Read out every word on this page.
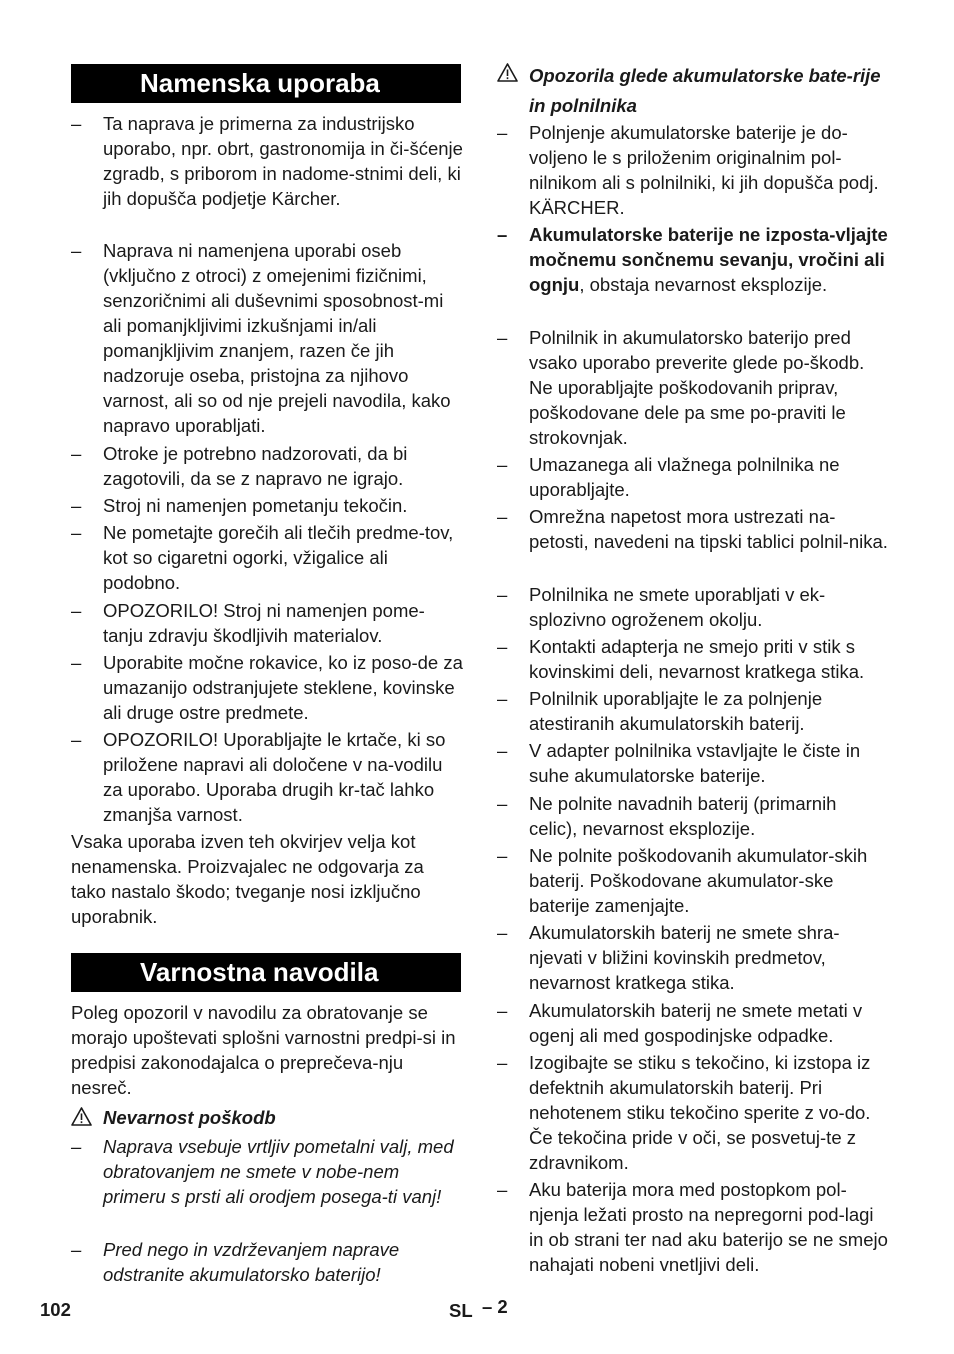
Namenska uporaba
– Ta naprava je primerna za industrijsko uporabo, npr. obrt, gastronomija in či-šćenje zgradb, s priborom in nadome-stnimi deli, ki jih dopušča podjetje Kärcher.
– Naprava ni namenjena uporabi oseb (vključno z otroci) z omejenimi fizičnimi, senzoričnimi ali duševnimi sposobnost-mi ali pomanjkljivimi izkušnjami in/ali pomanjkljivim znanjem, razen če jih nadzoruje oseba, pristojna za njihovo varnost, ali so od nje prejeli navodila, kako napravo uporabljati.
– Otroke je potrebno nadzorovati, da bi zagotovili, da se z napravo ne igrajo.
– Stroj ni namenjen pometanju tekočin.
– Ne pometajte gorečih ali tlečih predme-tov, kot so cigaretni ogorki, vžigalice ali podobno.
– OPOZORILO! Stroj ni namenjen pome-tanju zdravju škodljivih materialov.
– Uporabite močne rokavice, ko iz poso-de za umazanijo odstranjujete steklene, kovinske ali druge ostre predmete.
– OPOZORILO! Uporabljajte le krtače, ki so priložene napravi ali določene v na-vodilu za uporabo. Uporaba drugih kr-tač lahko zmanjša varnost.
Vsaka uporaba izven teh okvirjev velja kot nenamenska. Proizvajalec ne odgovarja za tako nastalo škodo; tveganje nosi izključno uporabnik.
Varnostna navodila
Poleg opozoril v navodilu za obratovanje se morajo upoštevati splošni varnostni predpi-si in predpisi zakonodajalca o preprečeva-nju nesreč.
Nevarnost poškodb
– Naprava vsebuje vrtljiv pometalni valj, med obratovanjem ne smete v nobe-nem primeru s prsti ali orodjem posega-ti vanj!
– Pred nego in vzdrževanjem naprave odstranite akumulatorsko baterijo!
Opozorila glede akumulatorske bate-rije in polnilnika
– Polnjenje akumulatorske baterije je do-voljeno le s priloženim originalnim pol-nilnikom ali s polnilniki, ki jih dopušča podj. KÄRCHER.
– Akumulatorske baterije ne izposta-vljajte močnemu sončnemu sevanju, vročini ali ognju, obstaja nevarnost eksplozije.
– Polnilnik in akumulatorsko baterijo pred vsako uporabo preverite glede po-škodb. Ne uporabljajte poškodovanih priprav, poškodovane dele pa sme po-praviti le strokovnjak.
– Umazanega ali vlažnega polnilnika ne uporabljajte.
– Omrežna napetost mora ustrezati na-petosti, navedeni na tipski tablici polnil-nika.
– Polnilnika ne smete uporabljati v ek-splozivno ogroženem okolju.
– Kontakti adapterja ne smejo priti v stik s kovinskimi deli, nevarnost kratkega stika.
– Polnilnik uporabljajte le za polnjenje atestiranih akumulatorskih baterij.
– V adapter polnilnika vstavljajte le čiste in suhe akumulatorske baterije.
– Ne polnite navadnih baterij (primarnih celic), nevarnost eksplozije.
– Ne polnite poškodovanih akumulator-skih baterij. Poškodovane akumulator-ske baterije zamenjajte.
– Akumulatorskih baterij ne smete shra-njevati v bližini kovinskih predmetov, nevarnost kratkega stika.
– Akumulatorskih baterij ne smete metati v ogenj ali med gospodinjske odpadke.
– Izogibajte se stiku s tekočino, ki izstopa iz defektnih akumulatorskih baterij. Pri nehotenem stiku tekočino sperite z vo-do. Če tekočina pride v oči, se posvetuj-te z zdravnikom.
– Aku baterija mora med postopkom pol-njenja ležati prosto na nepregorni pod-lagi in ob strani ter nad aku baterijo se ne smejo nahajati nobeni vnetljivi deli.
102	SL – 2
